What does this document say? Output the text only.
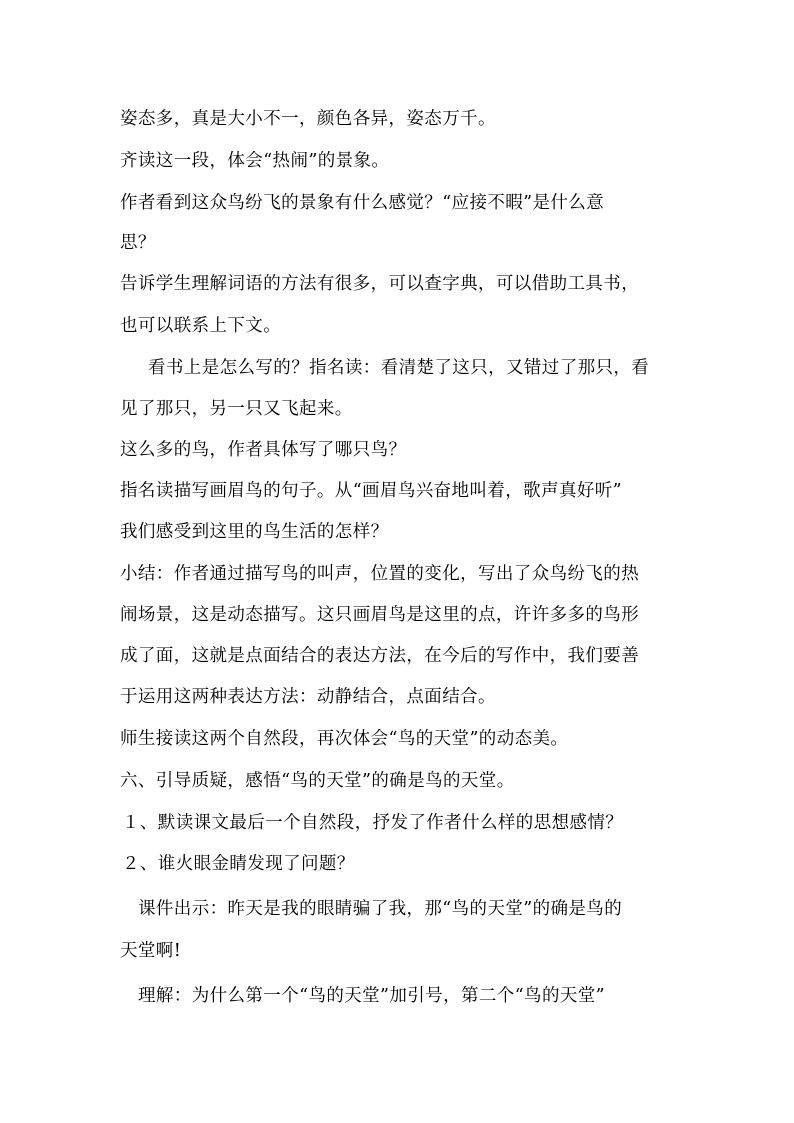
姿态多，真是大小不一，颜色各异，姿态万千。
齐读这一段，体会“热闹”的景象。
作者看到这众鸟纷飞的景象有什么感觉？“应接不暇”是什么意
思？
告诉学生理解词语的方法有很多，可以查字典，可以借助工具书，
也可以联系上下文。
看书上是怎么写的？指名读：看清楚了这只，又错过了那只，看
见了那只，另一只又飞起来。
这么多的鸟，作者具体写了哪只鸟？
指名读描写画眉鸟的句子。从“画眉鸟兴奋地叫着，歌声真好听”
我们感受到这里的鸟生活的怎样？
小结：作者通过描写鸟的叫声，位置的变化，写出了众鸟纷飞的热
闹场景，这是动态描写。这只画眉鸟是这里的点，许许多多的鸟形
成了面，这就是点面结合的表达方法，在今后的写作中，我们要善
于运用这两种表达方法：动静结合，点面结合。
师生接读这两个自然段，再次体会“鸟的天堂”的动态美。
六、引导质疑，感悟“鸟的天堂”的确是鸟的天堂。
１、默读课文最后一个自然段，抒发了作者什么样的思想感情？
２、谁火眼金睛发现了问题？
课件出示：昨天是我的眼睛骗了我，那“鸟的天堂”的确是鸟的
天堂啊!
理解：为什么第一个“鸟的天堂”加引号，第二个“鸟的天堂”
